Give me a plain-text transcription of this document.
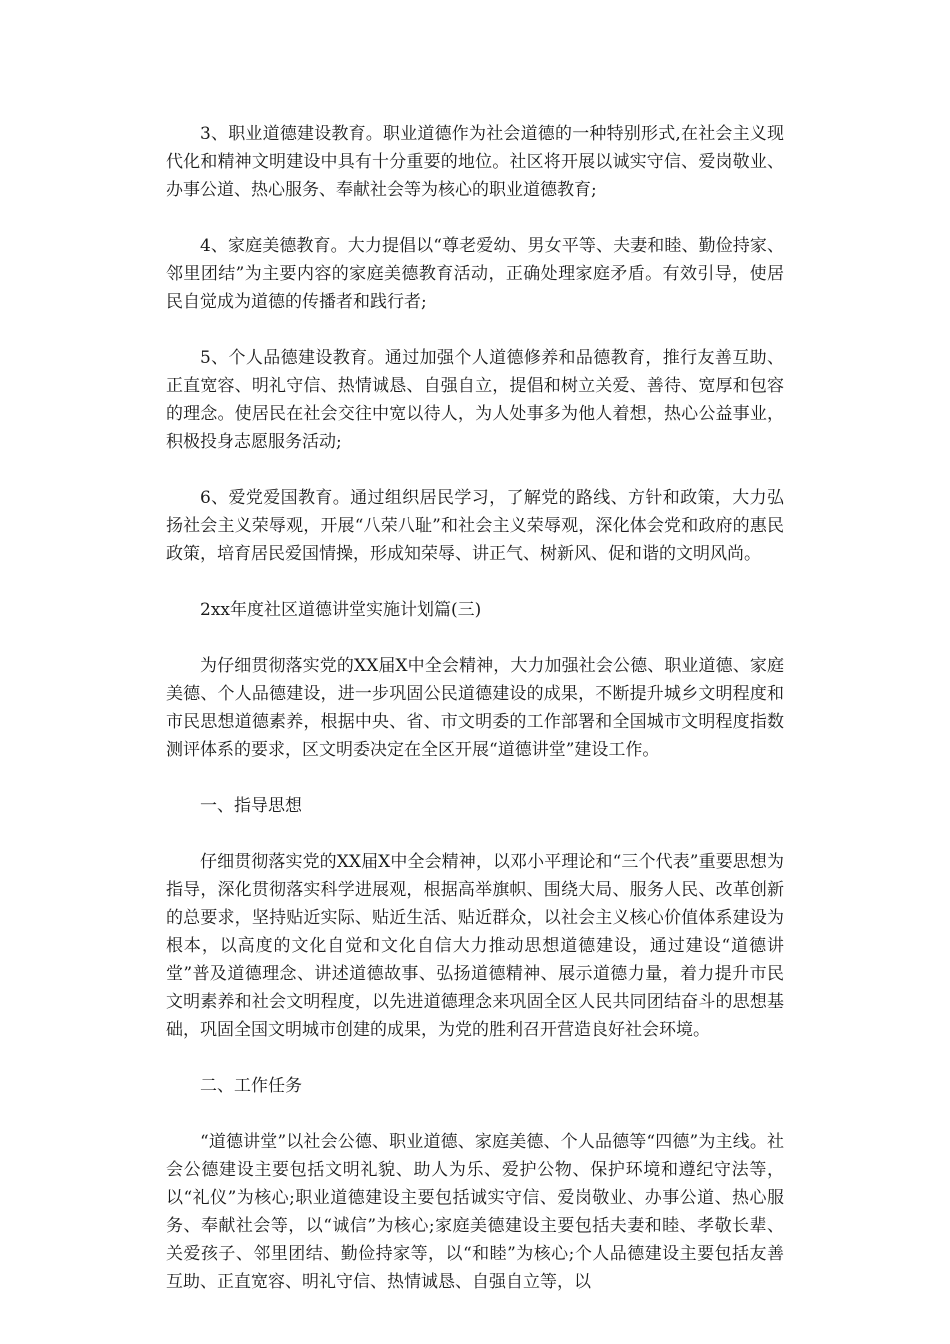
3、职业道德建设教育。职业道德作为社会道德的一种特别形式,在社会主义现代化和精神文明建设中具有十分重要的地位。社区将开展以诚实守信、爱岗敬业、办事公道、热心服务、奉献社会等为核心的职业道德教育;

4、家庭美德教育。大力提倡以“尊老爱幼、男女平等、夫妻和睦、勤俭持家、邻里团结”为主要内容的家庭美德教育活动，正确处理家庭矛盾。有效引导，使居民自觉成为道德的传播者和践行者;

5、个人品德建设教育。通过加强个人道德修养和品德教育，推行友善互助、正直宽容、明礼守信、热情诚恳、自强自立，提倡和树立关爱、善待、宽厚和包容的理念。使居民在社会交往中宽以待人，为人处事多为他人着想，热心公益事业，积极投身志愿服务活动;

6、爱党爱国教育。通过组织居民学习，了解党的路线、方针和政策，大力弘扬社会主义荣辱观，开展“八荣八耻”和社会主义荣辱观，深化体会党和政府的惠民政策，培育居民爱国情操，形成知荣辱、讲正气、树新风、促和谐的文明风尚。

2xx年度社区道德讲堂实施计划篇(三)

为仔细贯彻落实党的XX届X中全会精神，大力加强社会公德、职业道德、家庭美德、个人品德建设，进一步巩固公民道德建设的成果，不断提升城乡文明程度和市民思想道德素养，根据中央、省、市文明委的工作部署和全国城市文明程度指数测评体系的要求，区文明委决定在全区开展“道德讲堂”建设工作。

一、指导思想

仔细贯彻落实党的XX届X中全会精神，以邓小平理论和“三个代表”重要思想为指导，深化贯彻落实科学进展观，根据高举旗帜、围绕大局、服务人民、改革创新的总要求，坚持贴近实际、贴近生活、贴近群众，以社会主义核心价值体系建设为根本，以高度的文化自觉和文化自信大力推动思想道德建设，通过建设“道德讲堂”普及道德理念、讲述道德故事、弘扬道德精神、展示道德力量，着力提升市民文明素养和社会文明程度，以先进道德理念来巩固全区人民共同团结奋斗的思想基础，巩固全国文明城市创建的成果，为党的胜利召开营造良好社会环境。

二、工作任务

“道德讲堂”以社会公德、职业道德、家庭美德、个人品德等“四德”为主线。社会公德建设主要包括文明礼貌、助人为乐、爱护公物、保护环境和遵纪守法等，以“礼仪”为核心;职业道德建设主要包括诚实守信、爱岗敬业、办事公道、热心服务、奉献社会等，以“诚信”为核心;家庭美德建设主要包括夫妻和睦、孝敬长辈、关爱孩子、邻里团结、勤俭持家等，以“和睦”为核心;个人品德建设主要包括友善互助、正直宽容、明礼守信、热情诚恳、自强自立等，以
